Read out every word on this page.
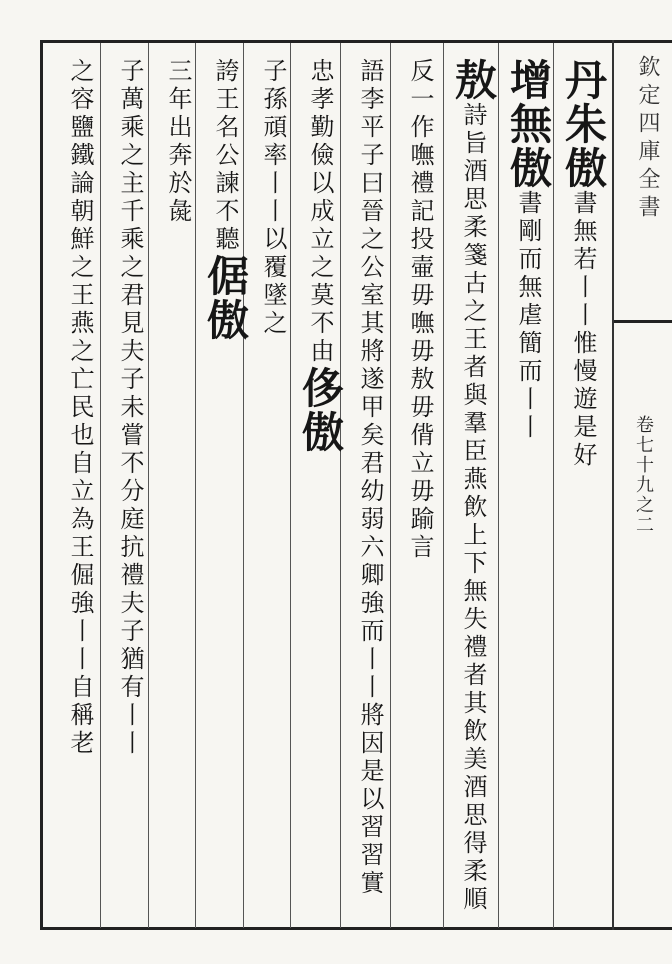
欽定四庫全書
卷七十九之二
丹朱傲書無若丨丨惟慢遊是好
增無傲書剛而無虐簡而丨丨

敖詩旨酒思柔箋古之王者與羣臣燕飲上下無失禮者其飲美酒思得柔順
反一作嘸禮記投壷毋嘸毋敖毋偝立毋踰言

語李平子曰晉之公室其將遂甲矣君幼弱六卿強而丨丨將因是以習習實
忠孝勤儉以成立之莫不由侈傲
子孫頑率丨丨以覆墜之

誇王名公諫不聽倨傲
三年出奔於彘

子萬乘之主千乘之君見夫子未嘗不分庭抗禮夫子猶有丨丨
之容鹽鐵論朝鮮之王燕之亡民也自立為王倔強丨丨自稱老
